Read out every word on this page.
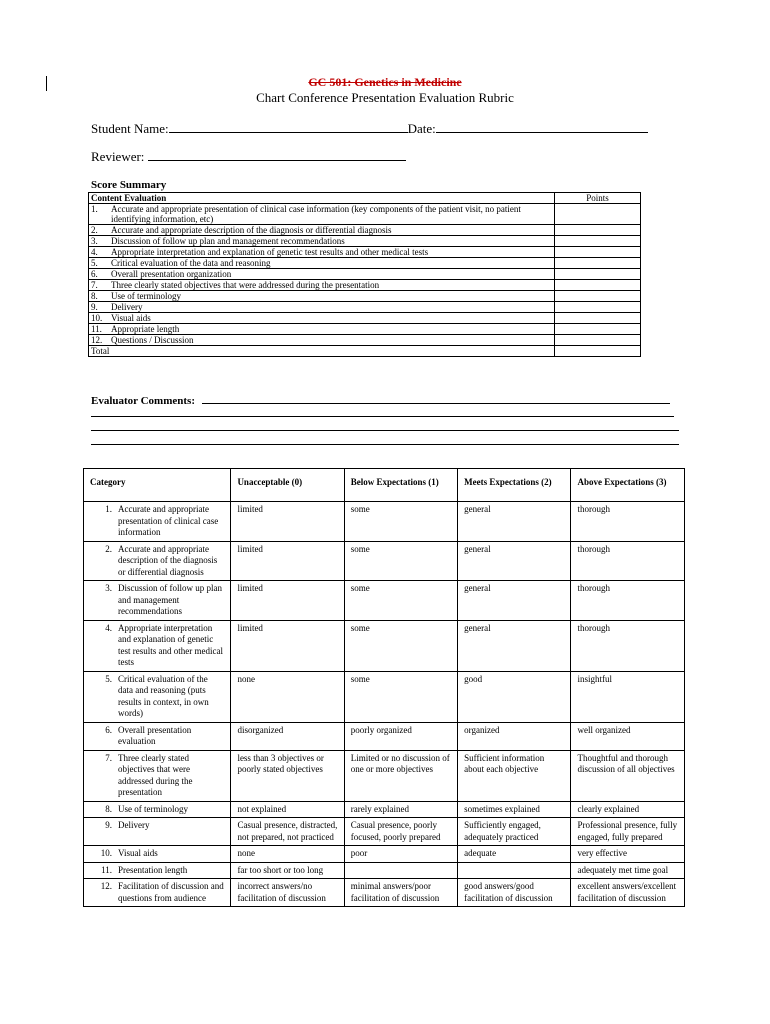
GC 501: Genetics in Medicine
Chart Conference Presentation Evaluation Rubric
Student Name:	Date:
Reviewer:
Score Summary
Content Evaluation		Points
1.	Accurate and appropriate presentation of clinical case information (key components of the patient visit, no patient identifying information, etc)	
2.	Accurate and appropriate description of the diagnosis or differential diagnosis	
3.	Discussion of follow up plan and management recommendations	
4.	Appropriate interpretation and explanation of genetic test results and other medical tests	
5.	Critical evaluation of the data and reasoning	
6.	Overall presentation organization	
7.	Three clearly stated objectives that were addressed during the presentation	
8.	Use of terminology	
9.	Delivery	
10.	Visual aids	
11.	Appropriate length	
12.	Questions / Discussion	
Total		
Evaluator Comments:
Category	Unacceptable (0)	Below Expectations (1)	Meets Expectations (2)	Above Expectations (3)

1. Accurate and appropriate presentation of clinical case information	limited	some	general	thorough

2. Accurate and appropriate description of the diagnosis or differential diagnosis	limited	some	general	thorough

3. Discussion of follow up plan and management recommendations	limited	some	general	thorough

4. Appropriate interpretation and explanation of genetic test results and other medical tests	limited	some	general	thorough

5. Critical evaluation of the data and reasoning (puts results in context, in own words)	none	some	good	insightful

6. Overall presentation evaluation	disorganized	poorly organized	organized	well organized

7. Three clearly stated objectives that were addressed during the presentation	less than 3 objectives or poorly stated objectives	Limited or no discussion of one or more objectives	Sufficient information about each objective	Thoughtful and thorough discussion of all objectives

8. Use of terminology	not explained	rarely explained	sometimes explained	clearly explained

9. Delivery	Casual presence, distracted, not prepared, not practiced	Casual presence, poorly focused, poorly prepared	Sufficiently engaged, adequately practiced	Professional presence, fully engaged, fully prepared

10. Visual aids	none	poor	adequate	very effective

11. Presentation length	far too short or too long			adequately met time goal

12. Facilitation of discussion and questions from audience	incorrect answers/no facilitation of discussion	minimal answers/poor facilitation of discussion	good answers/good facilitation of discussion	excellent answers/excellent facilitation of discussion
